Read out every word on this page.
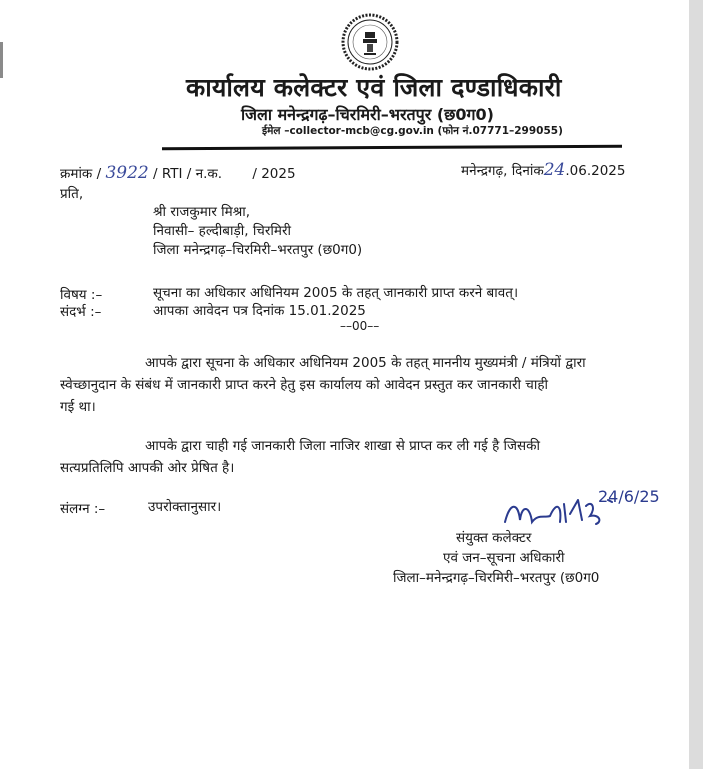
कार्यालय कलेक्टर एवं जिला दण्डाधिकारी
जिला मनेन्द्रगढ़–चिरमिरी–भरतपुर (छ0ग0)
ईमेल –collector-mcb@cg.gov.in (फोन नं.07771–299055)
क्रमांक / 3922 / RTI / न.क. / 2025	मनेन्द्रगढ़, दिनांक24.06.2025
प्रति,
श्री राजकुमार मिश्रा,
निवासी– हल्दीबाड़ी, चिरमिरी
जिला मनेन्द्रगढ़–चिरमिरी–भरतपुर (छ0ग0)
विषय :–	सूचना का अधिकार अधिनियम 2005 के तहत् जानकारी प्राप्त करने बावत्।
संदर्भ :–	आपका आवेदन पत्र दिनांक 15.01.2025
––00––
आपके द्वारा सूचना के अधिकार अधिनियम 2005 के तहत् माननीय मुख्यमंत्री / मंत्रियों द्वारा
स्वेच्छानुदान के संबंध में जानकारी प्राप्त करने हेतु इस कार्यालय को आवेदन प्रस्तुत कर जानकारी चाही
गई था।
आपके द्वारा चाही गई जानकारी जिला नाजिर शाखा से प्राप्त कर ली गई है जिसकी
सत्यप्रतिलिपि आपकी ओर प्रेषित है।
संलग्न :–	उपरोक्तानुसार।
24/6/25
संयुक्त कलेक्टर
एवं जन–सूचना अधिकारी
जिला–मनेन्द्रगढ़–चिरमिरी–भरतपुर (छ0ग0
